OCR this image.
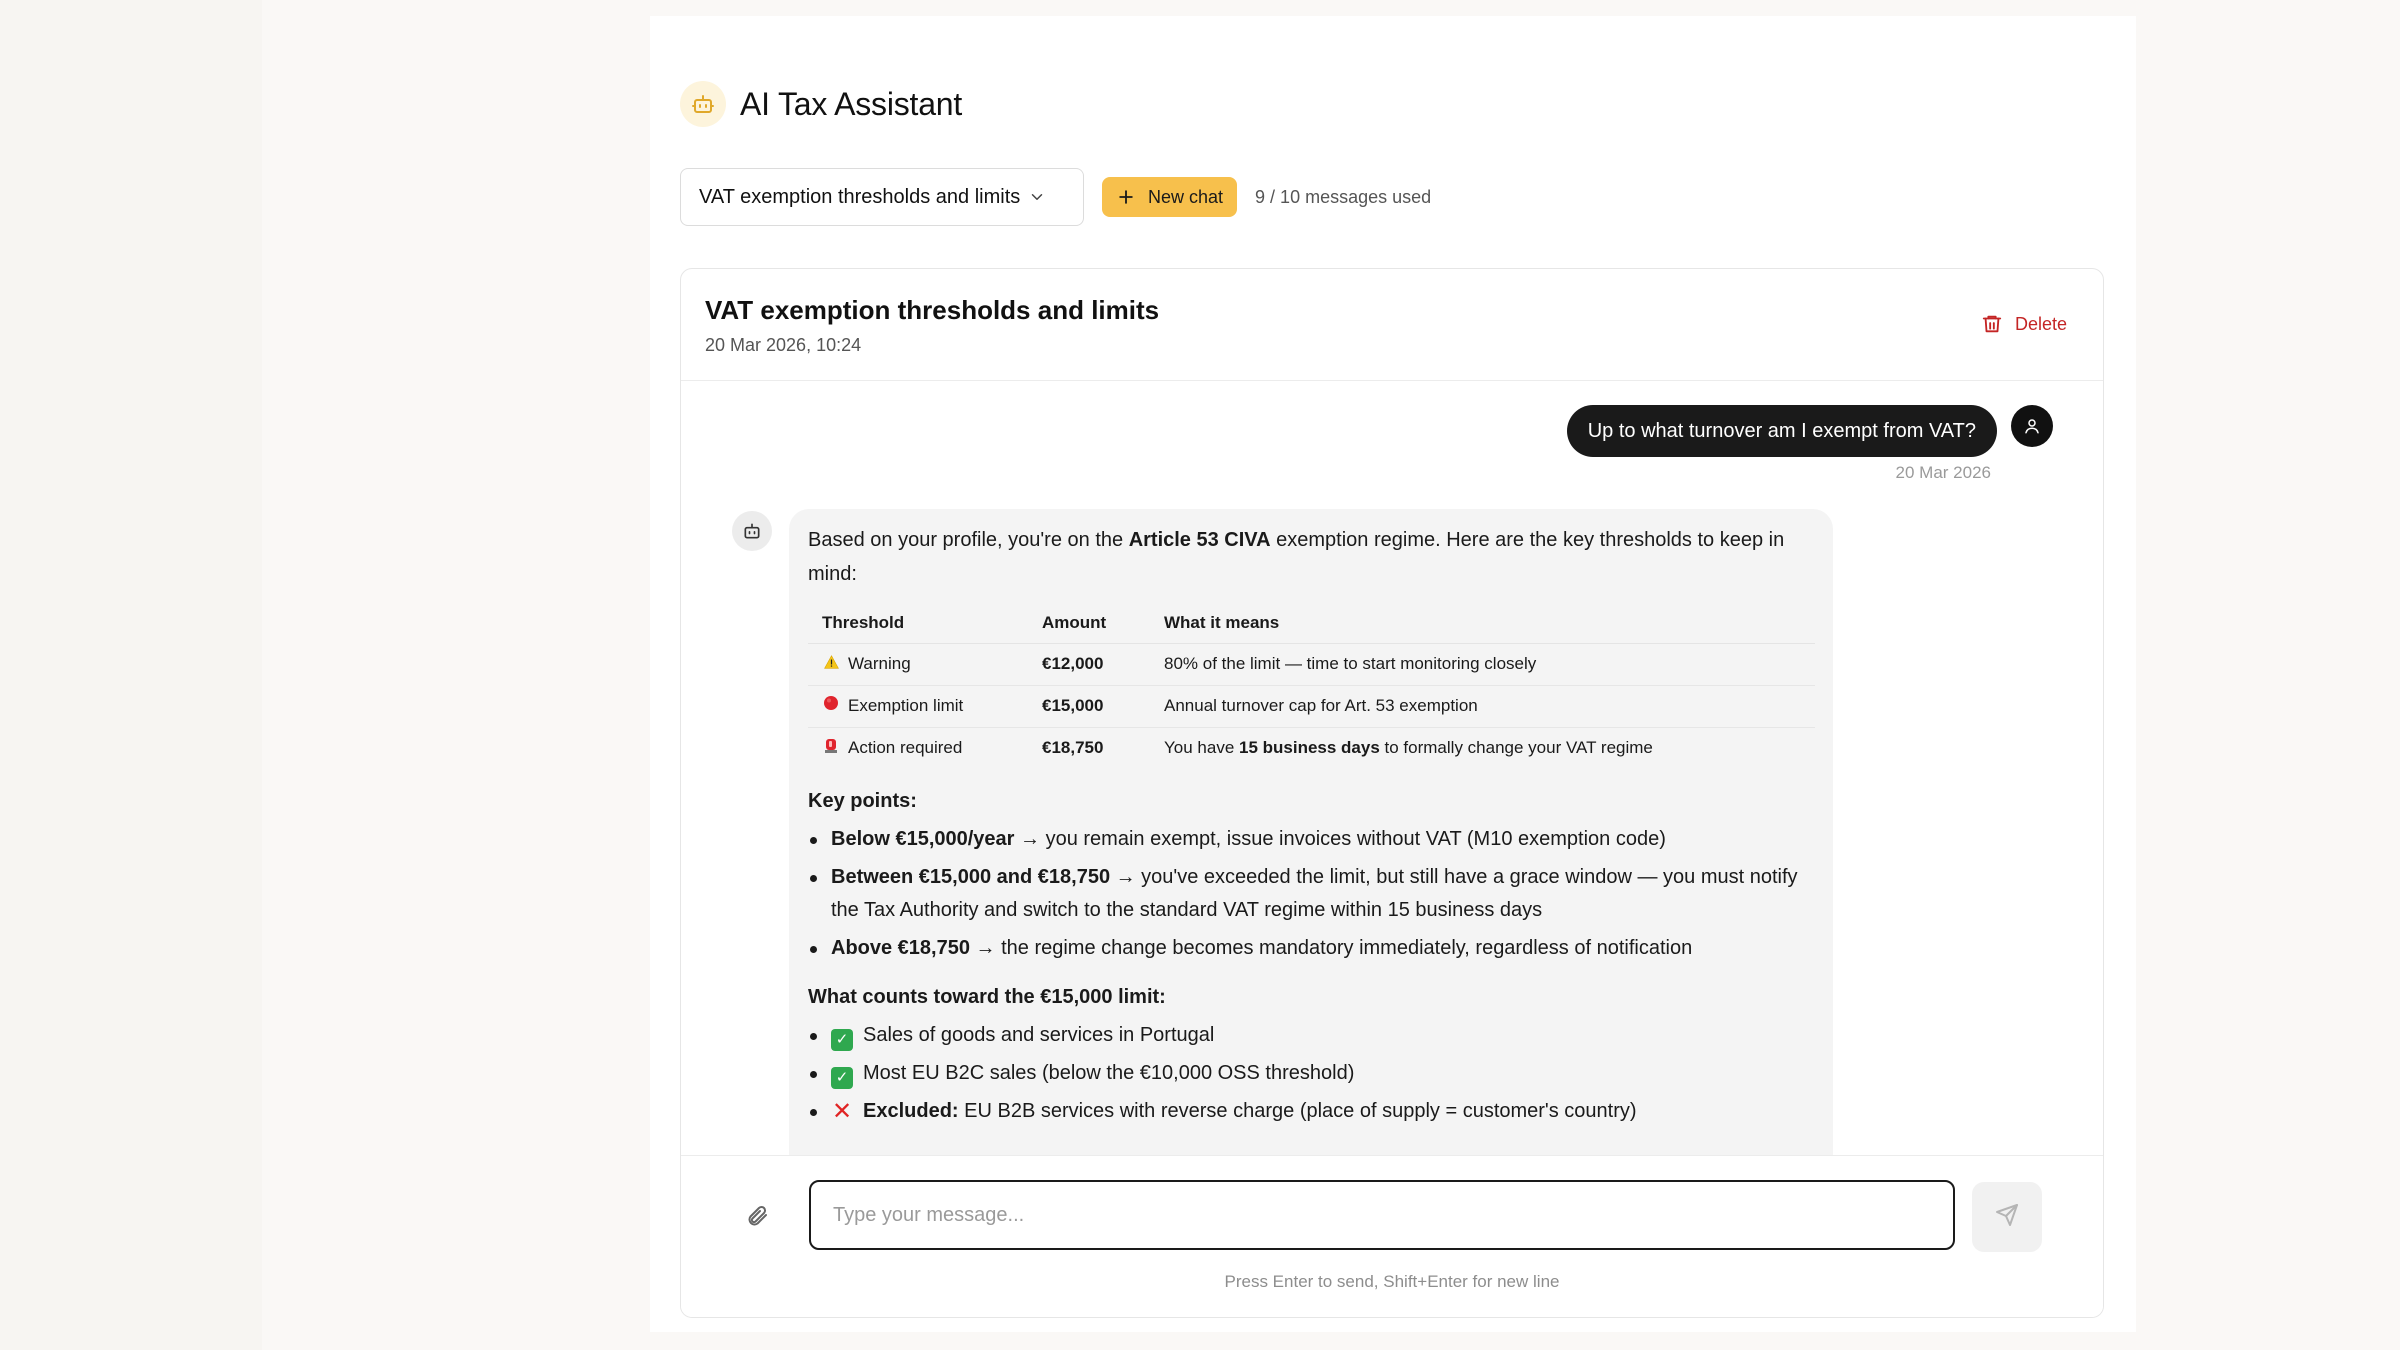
AI Tax Assistant
VAT exemption thresholds and limits	New chat 9 / 10 messages used
VAT exemption thresholds and limits
20 Mar 2026, 10:24
Delete
Up to what turnover am I exempt from VAT?
20 Mar 2026
Based on your profile, you're on the Article 53 CIVA exemption regime. Here are the key thresholds to keep in mind:
Threshold	Amount	What it means
Warning	€12,000	80% of the limit — time to start monitoring closely
Exemption limit	€15,000	Annual turnover cap for Art. 53 exemption
Action required	€18,750	You have 15 business days to formally change your VAT regime
Key points:
Below €15,000/year → you remain exempt, issue invoices without VAT (M10 exemption code)
Between €15,000 and €18,750 → you've exceeded the limit, but still have a grace window — you must notify the Tax Authority and switch to the standard VAT regime within 15 business days
Above €18,750 → the regime change becomes mandatory immediately, regardless of notification
What counts toward the €15,000 limit:
✓ Sales of goods and services in Portugal
✓ Most EU B2C sales (below the €10,000 OSS threshold)
✕ Excluded: EU B2B services with reverse charge (place of supply = customer's country)
Type your message...
Press Enter to send, Shift+Enter for new line
